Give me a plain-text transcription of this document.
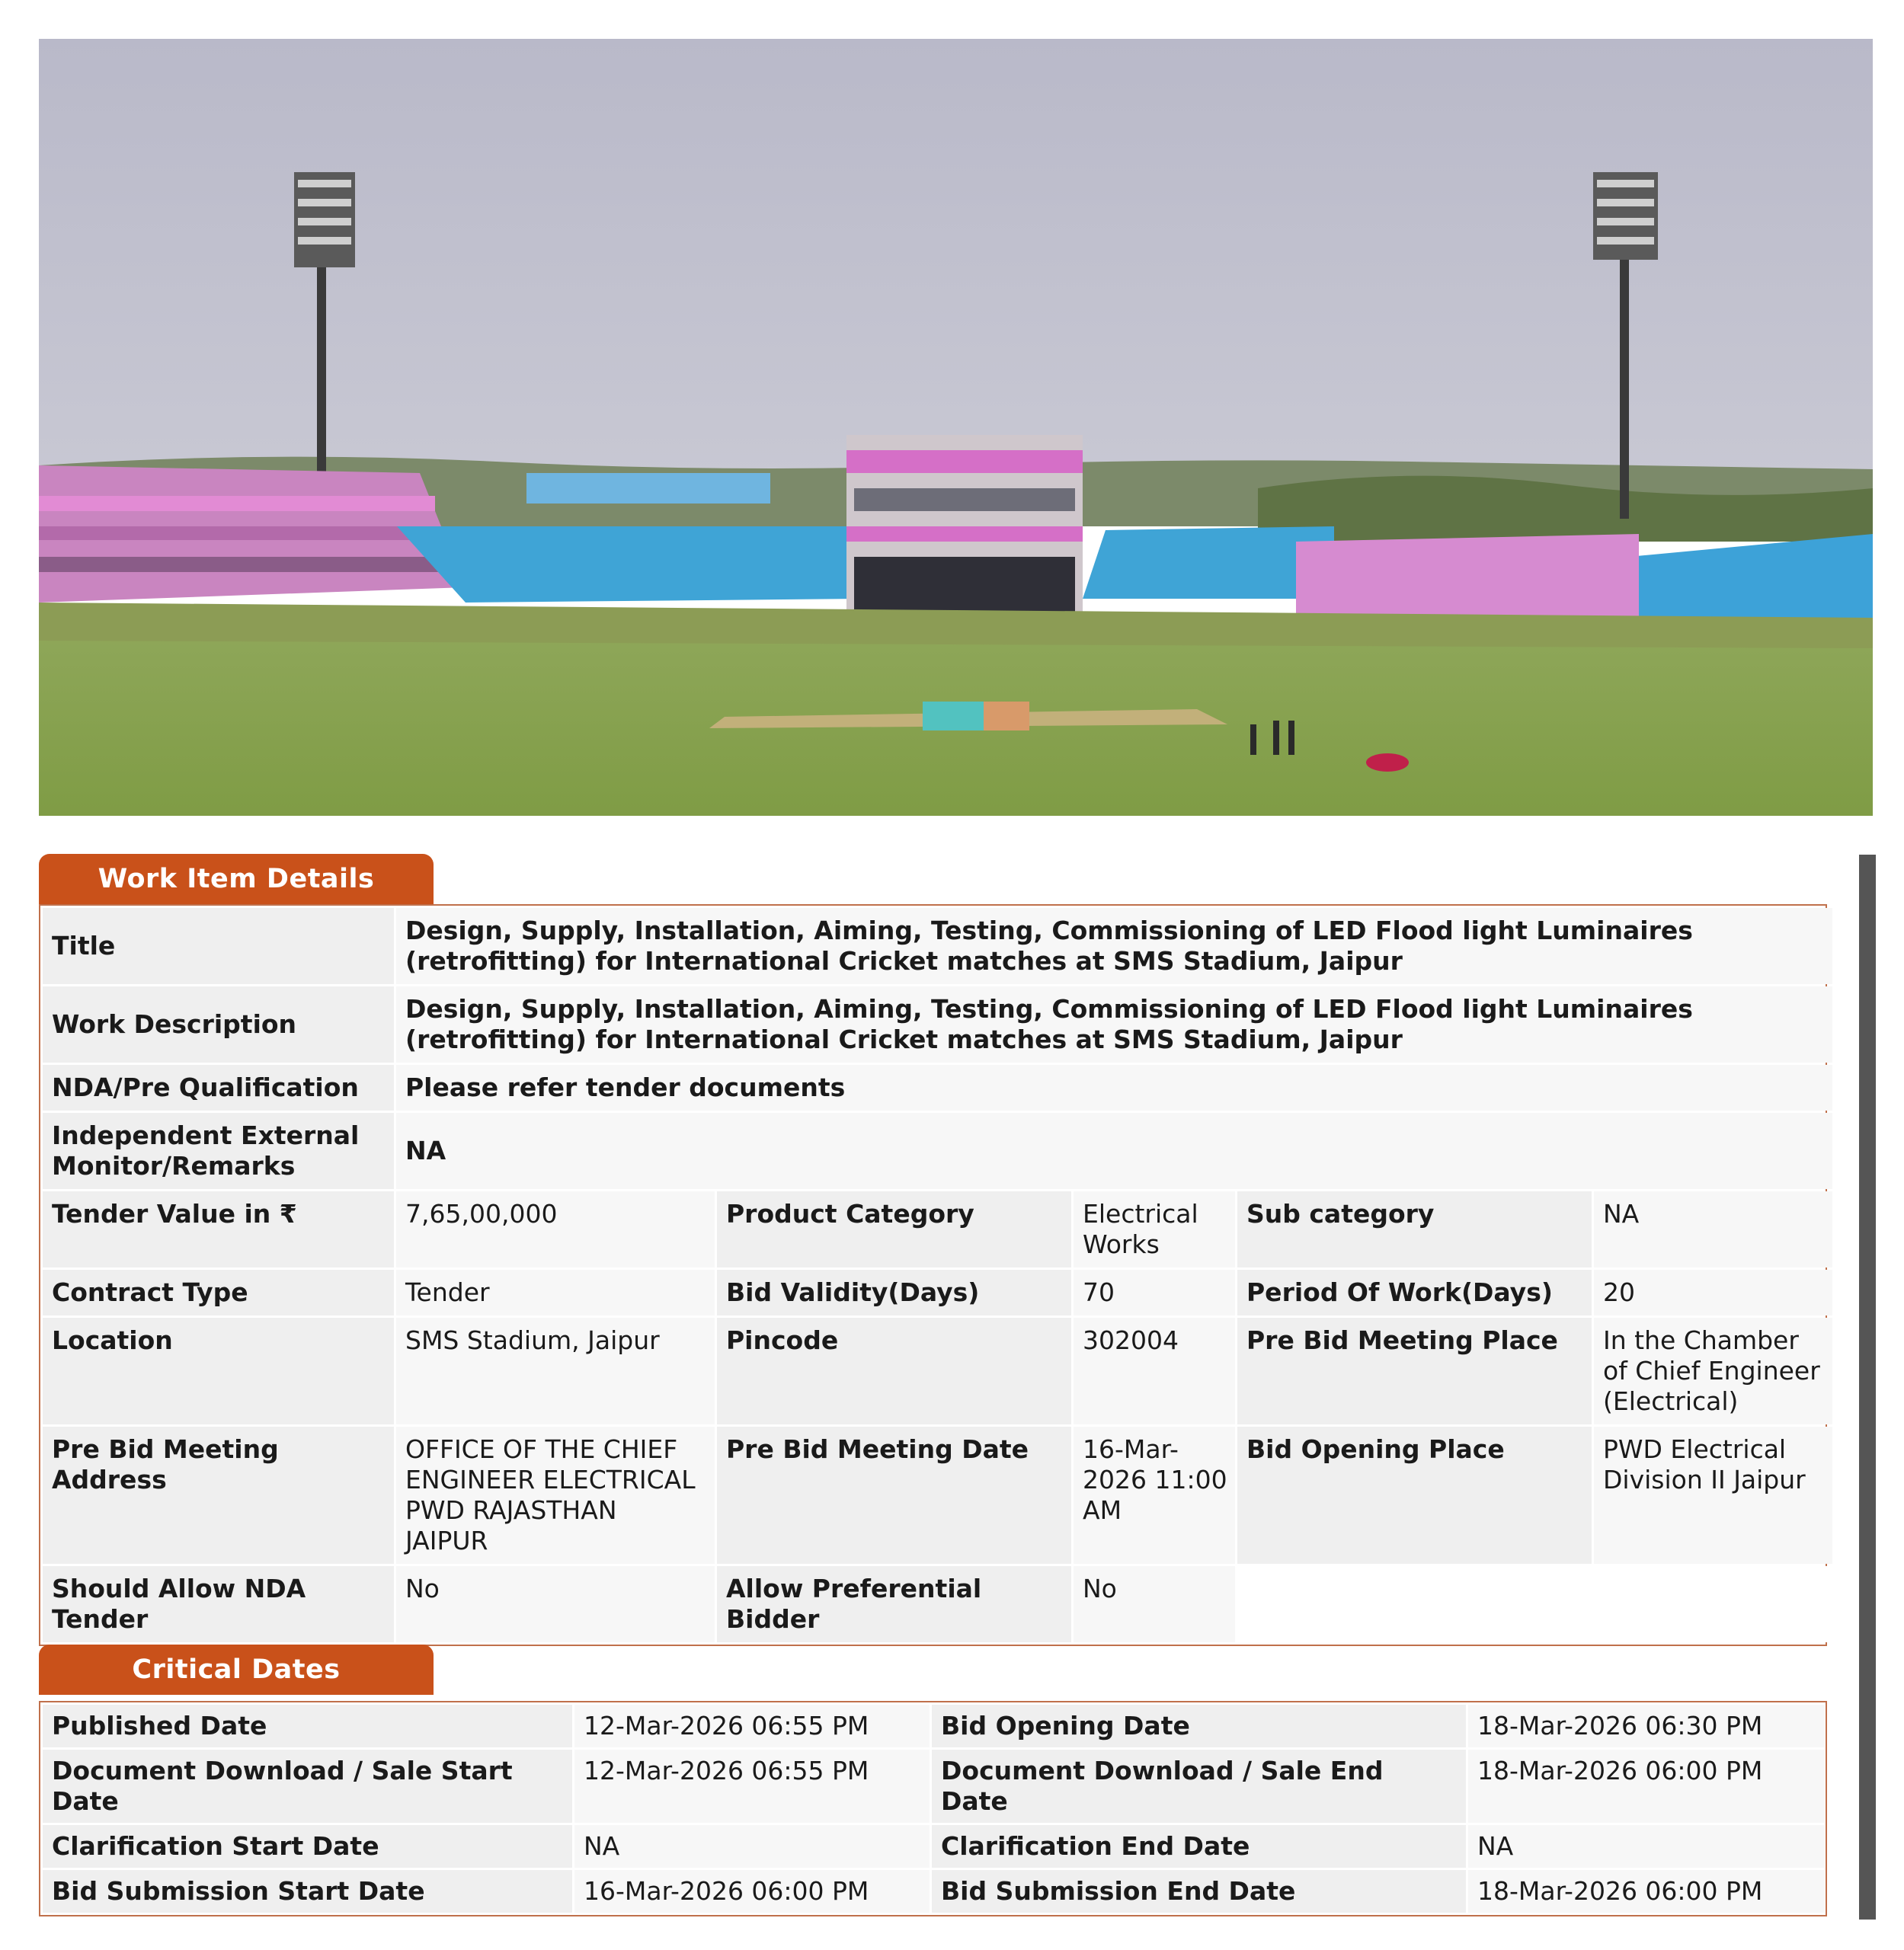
Work Item Details
Title	Design, Supply, Installation, Aiming, Testing, Commissioning of LED Flood light Luminaires (retrofitting) for International Cricket matches at SMS Stadium, Jaipur				
Work Description	Design, Supply, Installation, Aiming, Testing, Commissioning of LED Flood light Luminaires (retrofitting) for International Cricket matches at SMS Stadium, Jaipur				
NDA/Pre Qualification	Please refer tender documents				
Independent External Monitor/Remarks	NA				
Tender Value in ₹	7,65,00,000	Product Category	Electrical Works	Sub category	NA
Contract Type	Tender	Bid Validity(Days)	70	Period Of Work(Days)	20
Location	SMS Stadium, Jaipur	Pincode	302004	Pre Bid Meeting Place	In the Chamber of Chief Engineer (Electrical)
Pre Bid Meeting Address	OFFICE OF THE CHIEF ENGINEER ELECTRICAL PWD RAJASTHAN JAIPUR	Pre Bid Meeting Date	16-Mar-2026 11:00 AM	Bid Opening Place	PWD Electrical Division II Jaipur
Should Allow NDA Tender	No	Allow Preferential Bidder	No		
Critical Dates
Published Date	12-Mar-2026 06:55 PM	Bid Opening Date	18-Mar-2026 06:30 PM
Document Download / Sale Start Date	12-Mar-2026 06:55 PM	Document Download / Sale End Date	18-Mar-2026 06:00 PM
Clarification Start Date	NA	Clarification End Date	NA
Bid Submission Start Date	16-Mar-2026 06:00 PM	Bid Submission End Date	18-Mar-2026 06:00 PM
